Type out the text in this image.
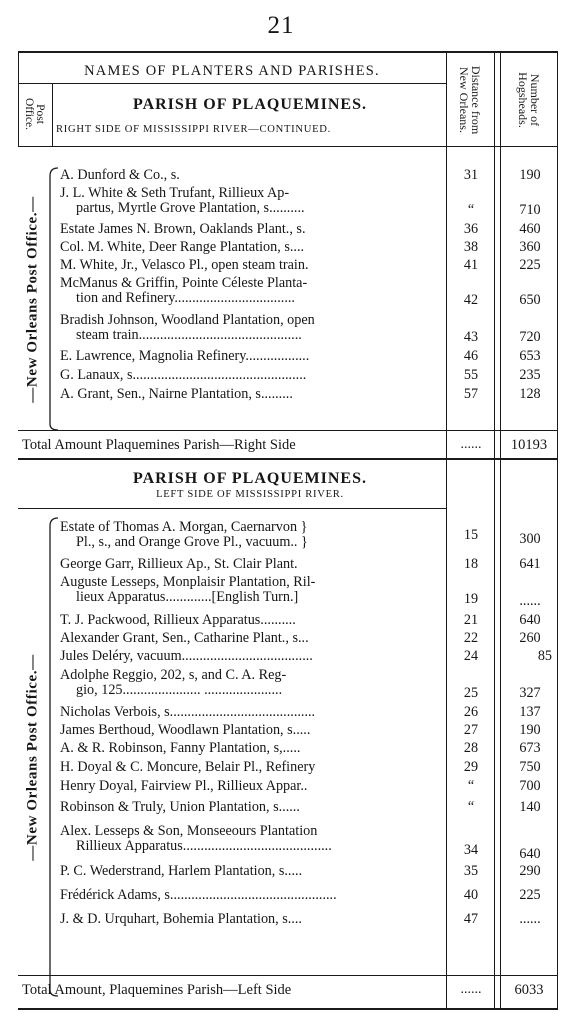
21
NAMES OF PLANTERS AND PARISHES.
Post
Office.
Distance from
New Orleans.	Number of
Hogsheads.
PARISH OF PLAQUEMINES.
RIGHT SIDE OF MISSISSIPPI RIVER—CONTINUED.
—New Orleans Post Office.—
A. Dunford & Co., s.	31	190
J. L. White & Seth Trufant, Rillieux Ap-
partus, Myrtle Grove Plantation, s..........	“	710
Estate James N. Brown, Oaklands Plant., s.	36	460
Col. M. White, Deer Range Plantation, s....	38	360
M. White, Jr., Velasco Pl., open steam train.	41	225
McManus & Griffin, Pointe Céleste Planta-
tion and Refinery..................................	42	650
Bradish Johnson, Woodland Plantation, open
steam train..............................................	43	720
E. Lawrence, Magnolia Refinery..................	46	653
G. Lanaux, s.................................................	55	235
A. Grant, Sen., Nairne Plantation, s.........	57	128
Total Amount Plaquemines Parish—Right Side	......	10193
PARISH OF PLAQUEMINES.
LEFT SIDE OF MISSISSIPPI RIVER.
—New Orleans Post Office.—
Estate of Thomas A. Morgan, Caernarvon }
Pl., s., and Orange Grove Pl., vacuum.. }	15	300
George Garr, Rillieux Ap., St. Clair Plant.	18	641
Auguste Lesseps, Monplaisir Plantation, Ril-
lieux Apparatus.............[English Turn.]	19	......
T. J. Packwood, Rillieux Apparatus..........	21	640
Alexander Grant, Sen., Catharine Plant., s...	22	260
Jules Deléry, vacuum.....................................	24	85
Adolphe Reggio, 202, s, and C. A. Reg-
gio, 125...................... ......................	25	327
Nicholas Verbois, s.........................................	26	137
James Berthoud, Woodlawn Plantation, s.....	27	190
A. & R. Robinson, Fanny Plantation, s,.....	28	673
H. Doyal & C. Moncure, Belair Pl., Refinery	29	750
Henry Doyal, Fairview Pl., Rillieux Appar..	“	700
Robinson & Truly, Union Plantation, s......	“	140
Alex. Lesseps & Son, Monseeours Plantation
Rillieux Apparatus..........................................	34	640
P. C. Wederstrand, Harlem Plantation, s.....	35	290
Frédérick Adams, s...............................................	40	225
J. & D. Urquhart, Bohemia Plantation, s....	47	......
Total Amount, Plaquemines Parish—Left Side	......	6033
